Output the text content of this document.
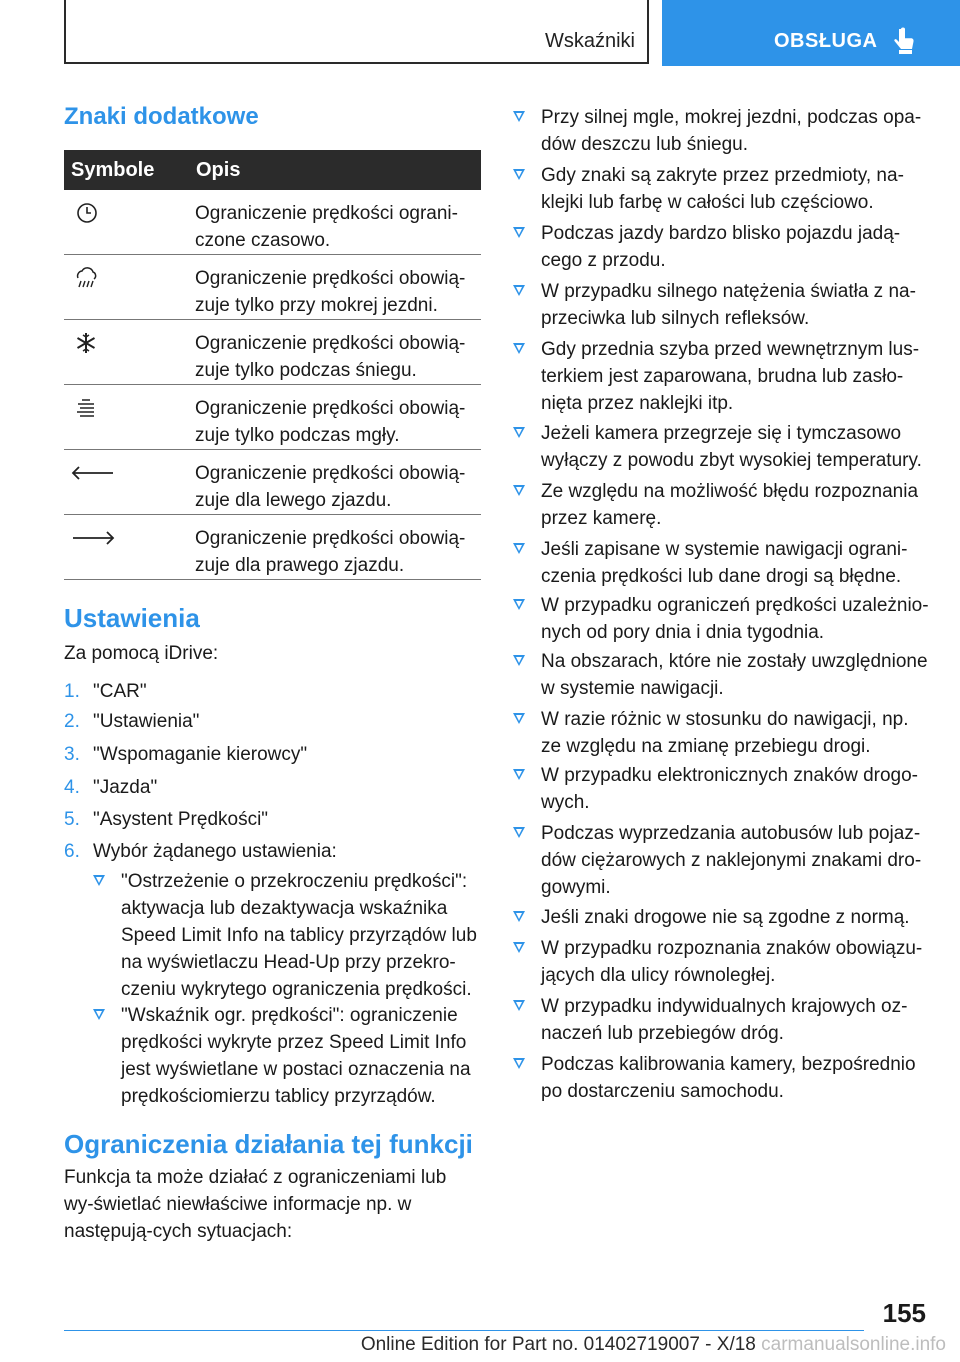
Wskaźniki	OBSŁUGA
Znaki dodatkowe
Symbole Opis
Ograniczenie prędkości ograni-czone czasowo.
Ograniczenie prędkości obowią-zuje tylko przy mokrej jezdni.
Ograniczenie prędkości obowią-zuje tylko podczas śniegu.
Ograniczenie prędkości obowią-zuje tylko podczas mgły.
Ograniczenie prędkości obowią-zuje dla lewego zjazdu.
Ograniczenie prędkości obowią-zuje dla prawego zjazdu.
Ustawienia

Za pomocą iDrive:

1. "CAR"
2. "Ustawienia"
3. "Wspomaganie kierowcy"
4. "Jazda"
5. "Asystent Prędkości"
6. Wybór żądanego ustawienia:
"Ostrzeżenie o przekroczeniu prędkości": aktywacja lub dezaktywacja wskaźnika Speed Limit Info na tablicy przyrządów lub na wyświetlaczu Head-Up przy przekro-czeniu wykrytego ograniczenia prędkości.
"Wskaźnik ogr. prędkości": ograniczenie prędkości wykryte przez Speed Limit Info jest wyświetlane w postaci oznaczenia na prędkościomierzu tablicy przyrządów.
Ograniczenia działania tej funkcji

Funkcja ta może działać z ograniczeniami lub wy-świetlać niewłaściwe informacje np. w następują-cych sytuacjach:

Przy silnej mgle, mokrej jezdni, podczas opa-dów deszczu lub śniegu.
Gdy znaki są zakryte przez przedmioty, na-klejki lub farbę w całości lub częściowo.
Podczas jazdy bardzo blisko pojazdu jadą-cego z przodu.
W przypadku silnego natężenia światła z na-przeciwka lub silnych refleksów.
Gdy przednia szyba przed wewnętrznym lus-terkiem jest zaparowana, brudna lub zasło-nięta przez naklejki itp.
Jeżeli kamera przegrzeje się i tymczasowo wyłączy z powodu zbyt wysokiej temperatury.
Ze względu na możliwość błędu rozpoznania przez kamerę.
Jeśli zapisane w systemie nawigacji ograni-czenia prędkości lub dane drogi są błędne.
W przypadku ograniczeń prędkości uzależnio-nych od pory dnia i dnia tygodnia.
Na obszarach, które nie zostały uwzględnione w systemie nawigacji.
W razie różnic w stosunku do nawigacji, np. ze względu na zmianę przebiegu drogi.
W przypadku elektronicznych znaków drogo-wych.
Podczas wyprzedzania autobusów lub pojaz-dów ciężarowych z naklejonymi znakami dro-gowymi.
Jeśli znaki drogowe nie są zgodne z normą.
W przypadku rozpoznania znaków obowiązu-jących dla ulicy równoległej.
W przypadku indywidualnych krajowych oz-naczeń lub przebiegów dróg.
Podczas kalibrowania kamery, bezpośrednio po dostarczeniu samochodu.
155
Online Edition for Part no. 01402719007 - X/18 carmanualsonline.info
